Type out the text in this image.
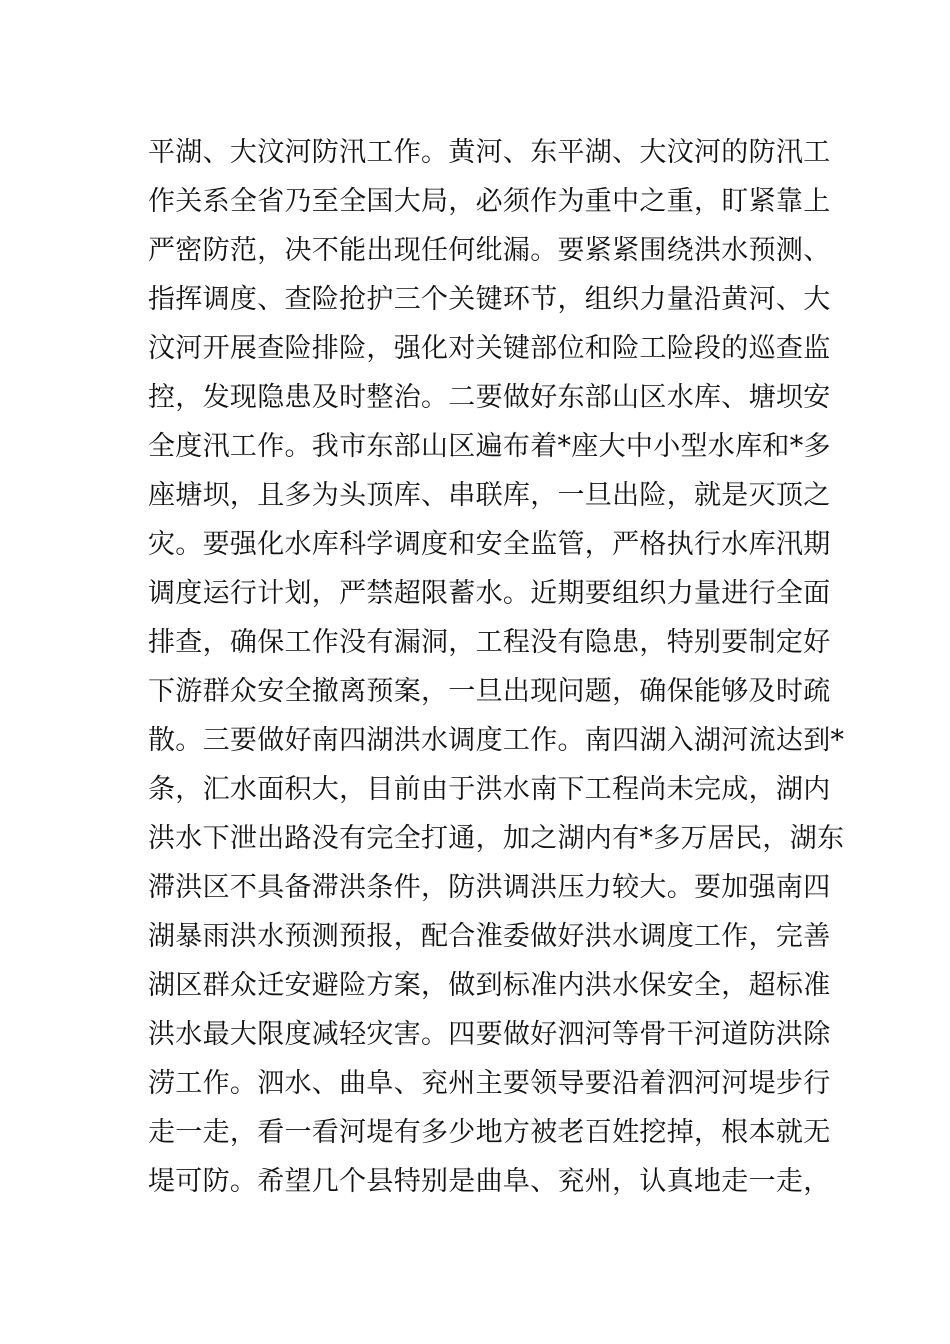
平湖、大汶河防汛工作。黄河、东平湖、大汶河的防汛工
作关系全省乃至全国大局，必须作为重中之重，盯紧靠上
严密防范，决不能出现任何纰漏。要紧紧围绕洪水预测、
指挥调度、查险抢护三个关键环节，组织力量沿黄河、大
汶河开展查险排险，强化对关键部位和险工险段的巡查监
控，发现隐患及时整治。二要做好东部山区水库、塘坝安
全度汛工作。我市东部山区遍布着*座大中小型水库和*多
座塘坝，且多为头顶库、串联库，一旦出险，就是灭顶之
灾。要强化水库科学调度和安全监管，严格执行水库汛期
调度运行计划，严禁超限蓄水。近期要组织力量进行全面
排查，确保工作没有漏洞，工程没有隐患，特别要制定好
下游群众安全撤离预案，一旦出现问题，确保能够及时疏
散。三要做好南四湖洪水调度工作。南四湖入湖河流达到*
条，汇水面积大，目前由于洪水南下工程尚未完成，湖内
洪水下泄出路没有完全打通，加之湖内有*多万居民，湖东
滞洪区不具备滞洪条件，防洪调洪压力较大。要加强南四
湖暴雨洪水预测预报，配合淮委做好洪水调度工作，完善
湖区群众迁安避险方案，做到标准内洪水保安全，超标准
洪水最大限度减轻灾害。四要做好泗河等骨干河道防洪除
涝工作。泗水、曲阜、兖州主要领导要沿着泗河河堤步行
走一走，看一看河堤有多少地方被老百姓挖掉，根本就无
堤可防。希望几个县特别是曲阜、兖州，认真地走一走，
